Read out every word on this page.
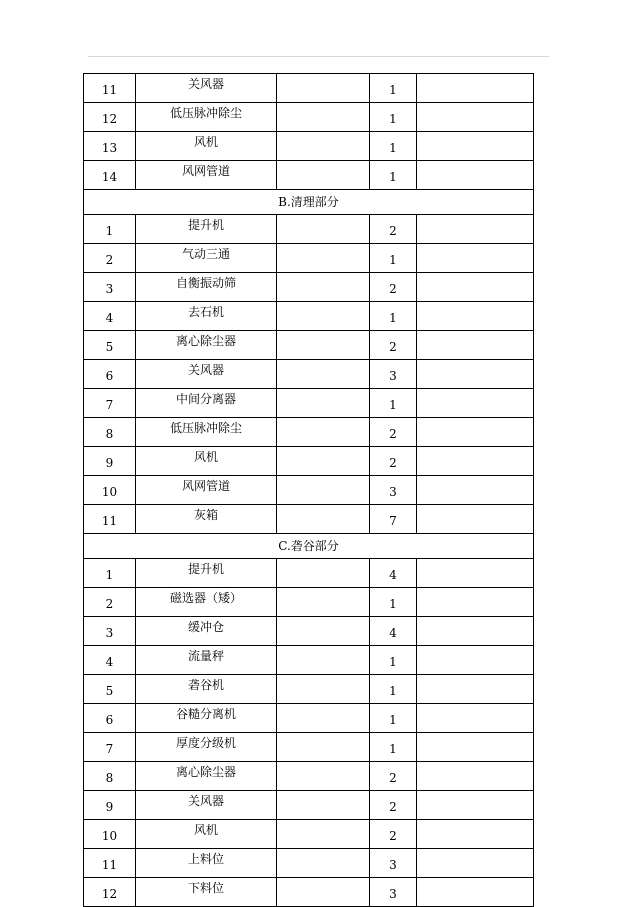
11	关风器		1	
12	低压脉冲除尘		1	
13	风机		1	
14	风网管道		1	
B.清理部分				
1	提升机		2	
2	气动三通		1	
3	自衡振动筛		2	
4	去石机		1	
5	离心除尘器		2	
6	关风器		3	
7	中间分离器		1	
8	低压脉冲除尘		2	
9	风机		2	
10	风网管道		3	
11	灰箱		7	
C.砻谷部分				
1	提升机		4	
2	磁选器（矮）		1	
3	缓冲仓		4	
4	流量秤		1	
5	砻谷机		1	
6	谷糙分离机		1	
7	厚度分级机		1	
8	离心除尘器		2	
9	关风器		2	
10	风机		2	
11	上料位		3	
12	下料位		3	
